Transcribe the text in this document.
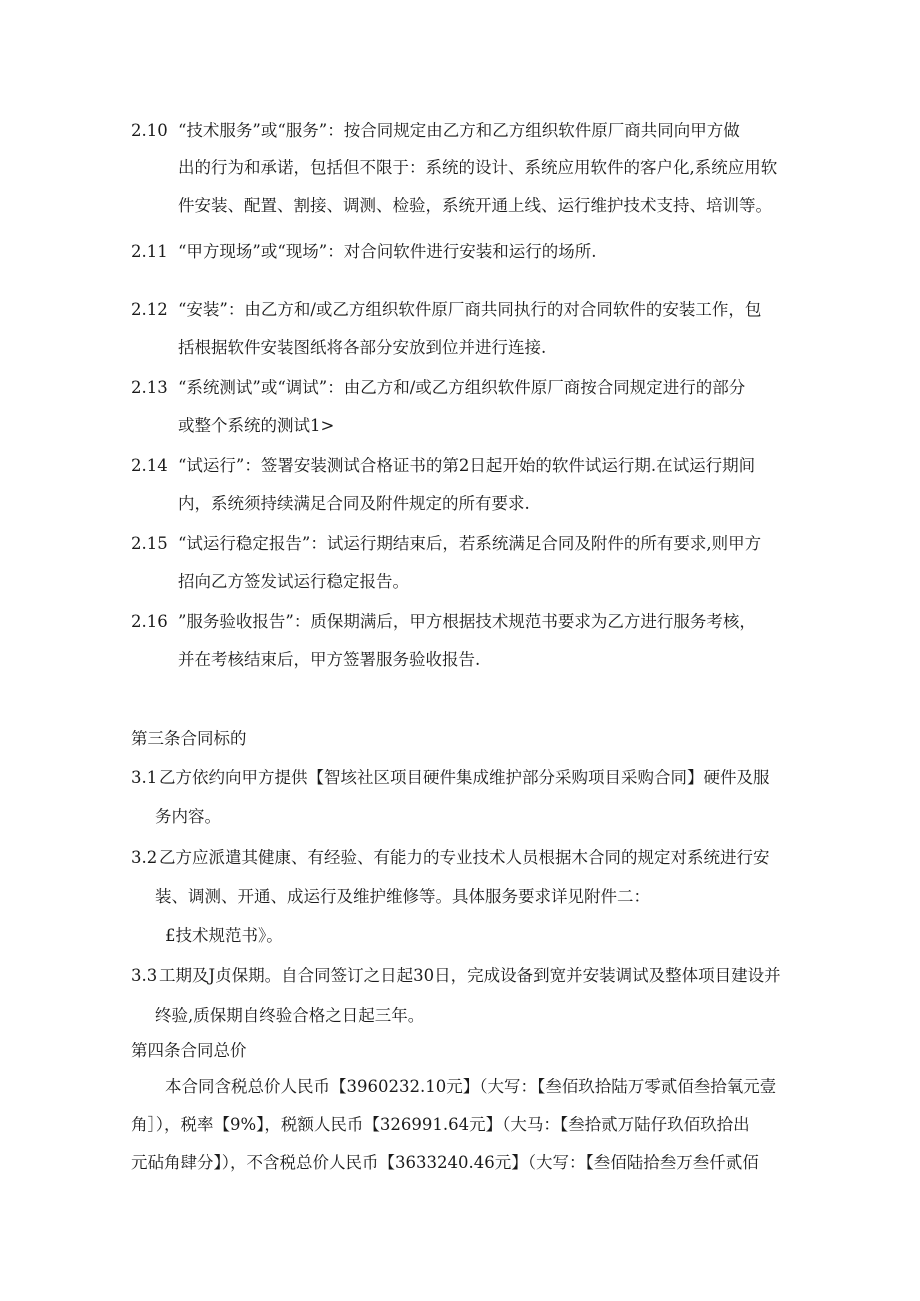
2.10 “技术服务”或“服务”：按合同规定由乙方和乙方组织软件原厂商共同向甲方做
出的行为和承诺，包括但不限于：系统的设计、系统应用软件的客户化,系统应用软
件安装、配置、割接、调测、检验，系统开通上线、运行维护技术支持、培训等。
2.11 “甲方现场”或“现场”：对合问软件进行安装和运行的场所.
2.12 “安装”：由乙方和/或乙方组织软件原厂商共同执行的对合同软件的安装工作，包
括根据软件安装图纸将各部分安放到位并进行连接.
2.13 “系统测试”或“调试”：由乙方和/或乙方组织软件原厂商按合同规定进行的部分
或整个系统的测试1>
2.14 “试运行”：签署安装测试合格证书的第2日起开始的软件试运行期.在试运行期间
内，系统须持续满足合同及附件规定的所有要求.
2.15 “试运行稳定报告”：试运行期结束后，若系统满足合同及附件的所有要求,则甲方
招向乙方签发试运行稳定报告。
2.16 ”服务验收报告”：质保期满后，甲方根据技术规范书要求为乙方进行服务考核，
并在考核结束后，甲方签署服务验收报告.
第三条合同标的
3.1 乙方依约向甲方提供【智垓社区项目硬件集成维护部分采购项目采购合同】硬件及服
务内容。
3.2 乙方应派遣其健康、有经验、有能力的专业技术人员根据木合同的规定对系统进行安
装、调测、开通、成运行及维护维修等。具体服务要求详见附件二：
£技术规范书》。
3.3 工期及J贞保期。自合同签订之日起30日，完成设备到宽并安装调试及整体项目建设并
终验,质保期自终验合格之日起三年。
第四条合同总价
本合同含税总价人民币【3960232.10元】（大写：【叁佰玖拾陆万零贰佰叁拾氧元壹
角］），税率【9%】，税额人民币【326991.64元】（大马：【叁拾贰万陆仔玖佰玖拾出
元砧角肆分】），不含税总价人民币【3633240.46元】（大写：【叁佰陆拾叁万叁仟贰佰
